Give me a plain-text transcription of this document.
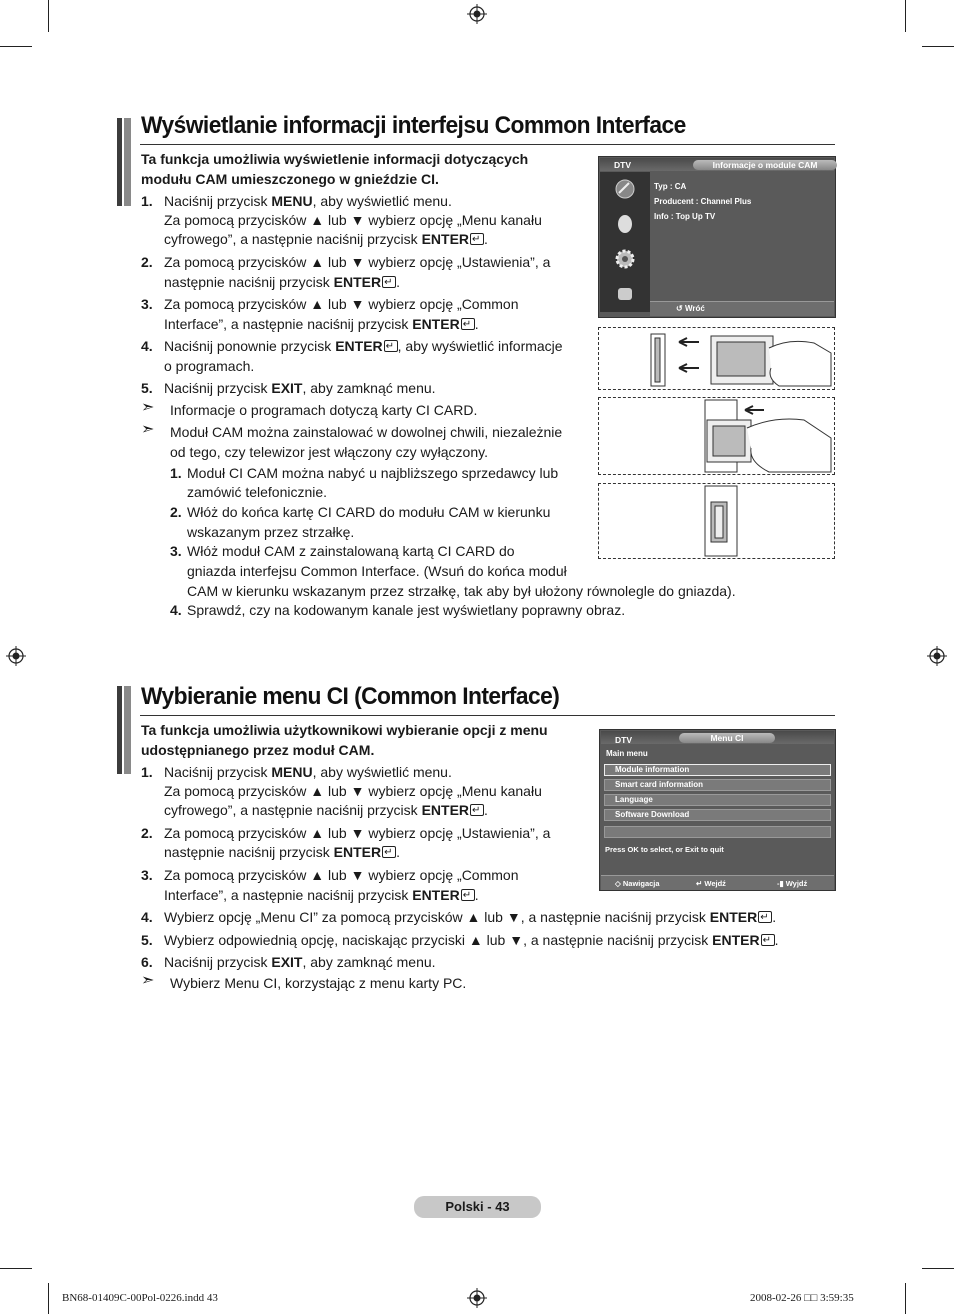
Wyświetlanie informacji interfejsu Common Interface
Ta funkcja umożliwia wyświetlenie informacji dotyczących
modułu CAM umieszczonego w gnieździe CI.
1. Naciśnij przycisk MENU, aby wyświetlić menu.
Za pomocą przycisków ▲ lub ▼ wybierz opcję „Menu kanału
cyfrowego”, a następnie naciśnij przycisk ENTER ↵ .
2. Za pomocą przycisków ▲ lub ▼ wybierz opcję „Ustawienia”, a
następnie naciśnij przycisk ENTER ↵ .
3. Za pomocą przycisków ▲ lub ▼ wybierz opcję „Common
Interface”, a następnie naciśnij przycisk ENTER ↵ .
4. Naciśnij ponownie przycisk ENTER ↵ , aby wyświetlić informacje
o programach.
5. Naciśnij przycisk EXIT, aby zamknąć menu.
➣ Informacje o programach dotyczą karty CI CARD.
➣ Moduł CAM można zainstalować w dowolnej chwili, niezależnie
od tego, czy telewizor jest włączony czy wyłączony.
1. Moduł CI CAM można nabyć u najbliższego sprzedawcy lub
zamówić telefonicznie.
2. Włóż do końca kartę CI CARD do modułu CAM w kierunku
wskazanym przez strzałkę.
3. Włóż moduł CAM z zainstalowaną kartą CI CARD do
gniazda interfejsu Common Interface. (Wsuń do końca moduł
CAM w kierunku wskazanym przez strzałkę, tak aby był ułożony równolegle do gniazda).
4. Sprawdź, czy na kodowanym kanale jest wyświetlany poprawny obraz.
DTV	Informacje o module CAM
Typ : CA
Producent : Channel Plus
Info : Top Up TV
↺ Wróć
Wybieranie menu CI (Common Interface)
Ta funkcja umożliwia użytkownikowi wybieranie opcji z menu
udostępnianego przez moduł CAM.
1. Naciśnij przycisk MENU, aby wyświetlić menu.
Za pomocą przycisków ▲ lub ▼ wybierz opcję „Menu kanału
cyfrowego”, a następnie naciśnij przycisk ENTER ↵ .
2. Za pomocą przycisków ▲ lub ▼ wybierz opcję „Ustawienia”, a
następnie naciśnij przycisk ENTER ↵ .
3. Za pomocą przycisków ▲ lub ▼ wybierz opcję „Common
Interface”, a następnie naciśnij przycisk ENTER ↵ .
4. Wybierz opcję „Menu CI” za pomocą przycisków ▲ lub ▼, a następnie naciśnij przycisk ENTER ↵ .
5. Wybierz odpowiednią opcję, naciskając przyciski ▲ lub ▼, a następnie naciśnij przycisk ENTER ↵ .
6. Naciśnij przycisk EXIT, aby zamknąć menu.
➣ Wybierz Menu CI, korzystając z menu karty PC.
DTV	Menu CI
Main menu
Module information
Smart card information
Language
Software Download
Press OK to select, or Exit to quit
◇ Nawigacja	↵ Wejdź	-▮ Wyjdź
Polski - 43
BN68-01409C-00Pol-0226.indd 43	2008-02-26 □□ 3:59:35
